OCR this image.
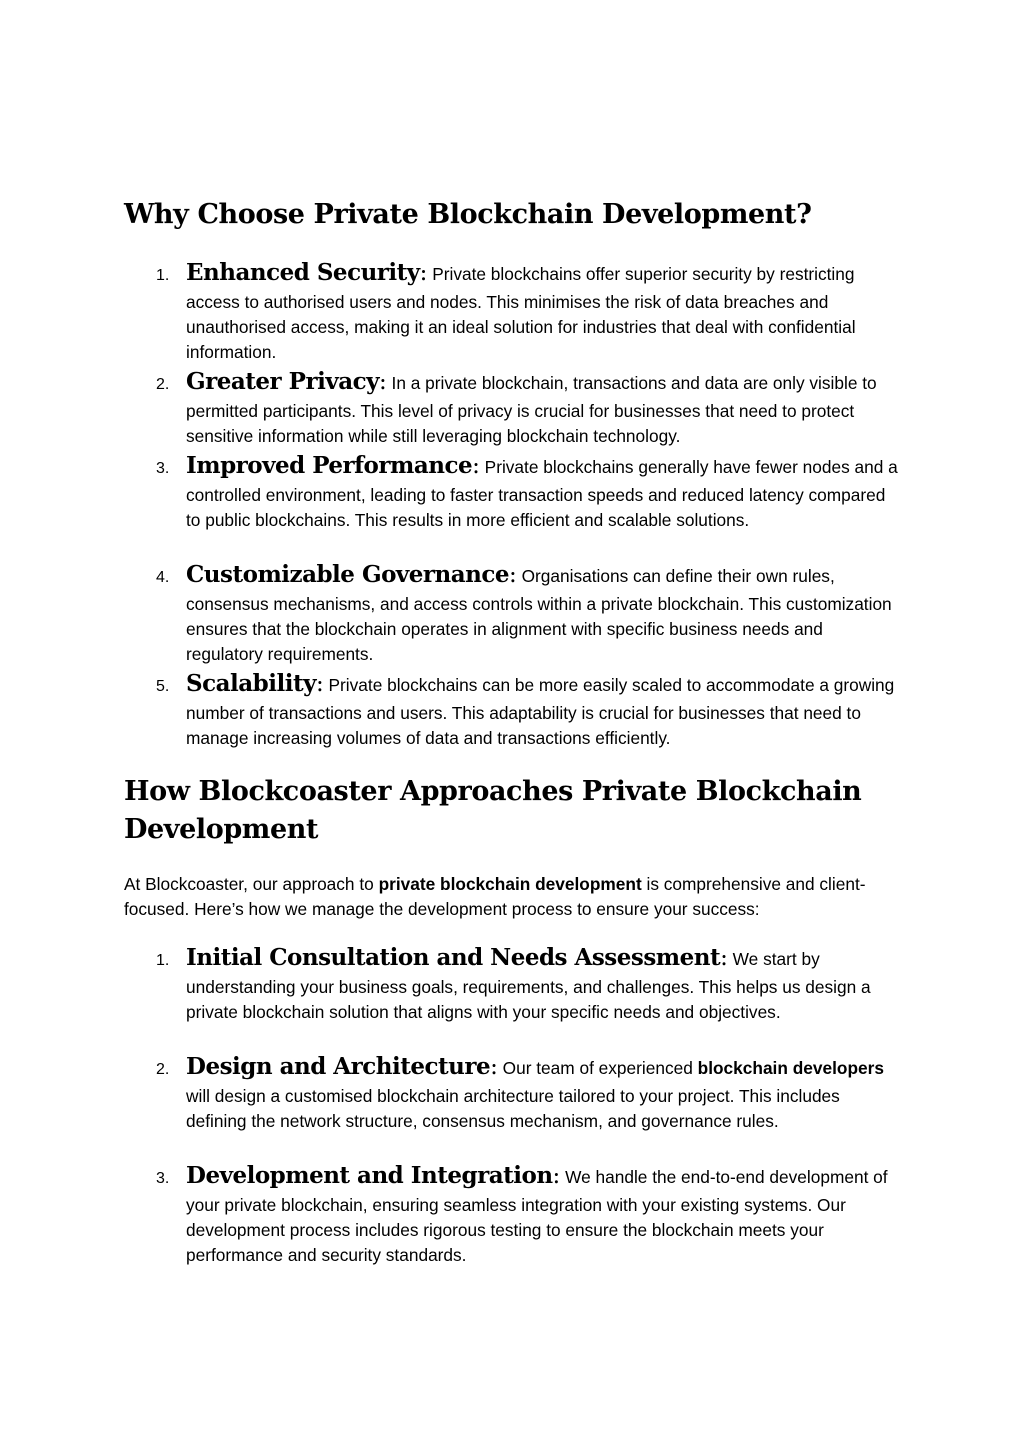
Why Choose Private Blockchain Development?
1. Enhanced Security: Private blockchains offer superior security by restricting access to authorised users and nodes. This minimises the risk of data breaches and unauthorised access, making it an ideal solution for industries that deal with confidential information.
2. Greater Privacy: In a private blockchain, transactions and data are only visible to permitted participants. This level of privacy is crucial for businesses that need to protect sensitive information while still leveraging blockchain technology.
3. Improved Performance: Private blockchains generally have fewer nodes and a controlled environment, leading to faster transaction speeds and reduced latency compared to public blockchains. This results in more efficient and scalable solutions.
4. Customizable Governance: Organisations can define their own rules, consensus mechanisms, and access controls within a private blockchain. This customization ensures that the blockchain operates in alignment with specific business needs and regulatory requirements.
5. Scalability: Private blockchains can be more easily scaled to accommodate a growing number of transactions and users. This adaptability is crucial for businesses that need to manage increasing volumes of data and transactions efficiently.
How Blockcoaster Approaches Private Blockchain Development

At Blockcoaster, our approach to private blockchain development is comprehensive and client-focused. Here’s how we manage the development process to ensure your success:

1. Initial Consultation and Needs Assessment: We start by understanding your business goals, requirements, and challenges. This helps us design a private blockchain solution that aligns with your specific needs and objectives.
2. Design and Architecture: Our team of experienced blockchain developers will design a customised blockchain architecture tailored to your project. This includes defining the network structure, consensus mechanism, and governance rules.
3. Development and Integration: We handle the end-to-end development of your private blockchain, ensuring seamless integration with your existing systems. Our development process includes rigorous testing to ensure the blockchain meets your performance and security standards.
